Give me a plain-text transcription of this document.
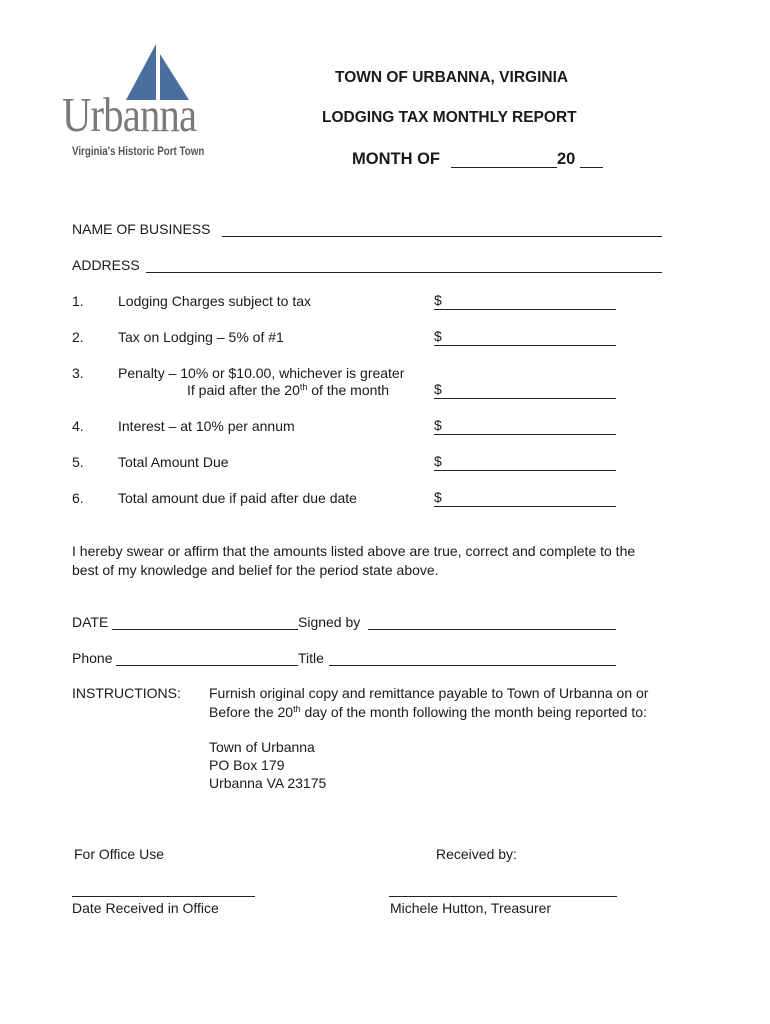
Urbanna
Virginia's Historic Port Town
TOWN OF URBANNA, VIRGINIA
LODGING TAX MONTHLY REPORT
MONTH OF	20
NAME OF BUSINESS
ADDRESS
1. Lodging Charges subject to tax	$
2. Tax on Lodging – 5% of #1	$
3. Penalty – 10% or $10.00, whichever is greater
If paid after the 20th of the month	$
4. Interest – at 10% per annum	$
5. Total Amount Due	$
6. Total amount due if paid after due date	$
I hereby swear or affirm that the amounts listed above are true, correct and complete to the
best of my knowledge and belief for the period state above.
DATE	Signed by
Phone	Title
INSTRUCTIONS: Furnish original copy and remittance payable to Town of Urbanna on or
Before the 20th day of the month following the month being reported to:
Town of Urbanna
PO Box 179
Urbanna VA 23175
For Office Use	Received by:
Date Received in Office	Michele Hutton, Treasurer
